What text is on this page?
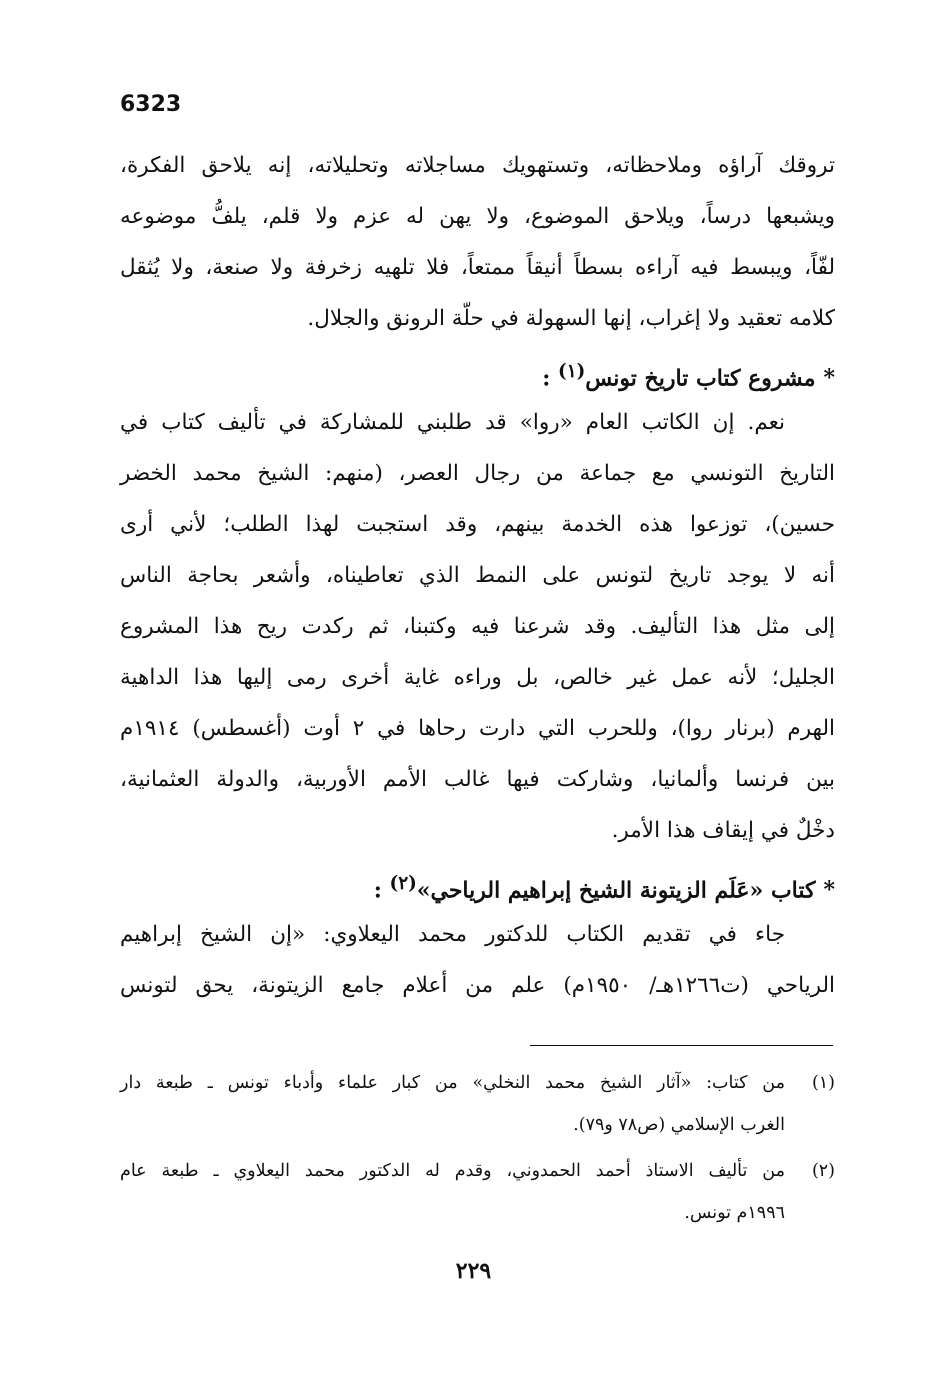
6323
تروقك آراؤه وملاحظاته، وتستهويك مساجلاته وتحليلاته، إنه يلاحق الفكرة،
ويشبعها درساً، ويلاحق الموضوع، ولا يهن له عزم ولا قلم، يلفُّ موضوعه
لفّاً، ويبسط فيه آراءه بسطاً أنيقاً ممتعاً، فلا تلهيه زخرفة ولا صنعة، ولا يُثقل
كلامه تعقيد ولا إغراب، إنها السهولة في حلّة الرونق والجلال.
*مشروع كتاب تاريخ تونس$^{(١)}$ :
نعم. إن الكاتب العام «روا» قد طلبني للمشاركة في تأليف كتاب في
التاريخ التونسي مع جماعة من رجال العصر، (منهم: الشيخ محمد الخضر
حسين)، توزعوا هذه الخدمة بينهم، وقد استجبت لهذا الطلب؛ لأني أرى
أنه لا يوجد تاريخ لتونس على النمط الذي تعاطيناه، وأشعر بحاجة الناس
إلى مثل هذا التأليف. وقد شرعنا فيه وكتبنا، ثم ركدت ريح هذا المشروع
الجليل؛ لأنه عمل غير خالص، بل وراءه غاية أخرى رمى إليها هذا الداهية
الهرم (برنار روا)، وللحرب التي دارت رحاها في ٢ أوت (أغسطس) ١٩١٤م
بين فرنسا وألمانيا، وشاركت فيها غالب الأمم الأوربية، والدولة العثمانية،
دخْلٌ في إيقاف هذا الأمر.
*كتاب «عَلَم الزيتونة الشيخ إبراهيم الرياحي»$^{(٢)}$ :
جاء في تقديم الكتاب للدكتور محمد اليعلاوي: «إن الشيخ إبراهيم
الرياحي (ت١٢٦٦هـ/ ١٩٥٠م) علم من أعلام جامع الزيتونة، يحق لتونس
(١)من كتاب: «آثار الشيخ محمد النخلي» من كبار علماء وأدباء تونس ـ طبعة دار
الغرب الإسلامي (ص٧٨ و٧٩).
(٢)من تأليف الاستاذ أحمد الحمدوني، وقدم له الدكتور محمد اليعلاوي ـ طبعة عام
١٩٩٦م تونس.
٢٢٩
